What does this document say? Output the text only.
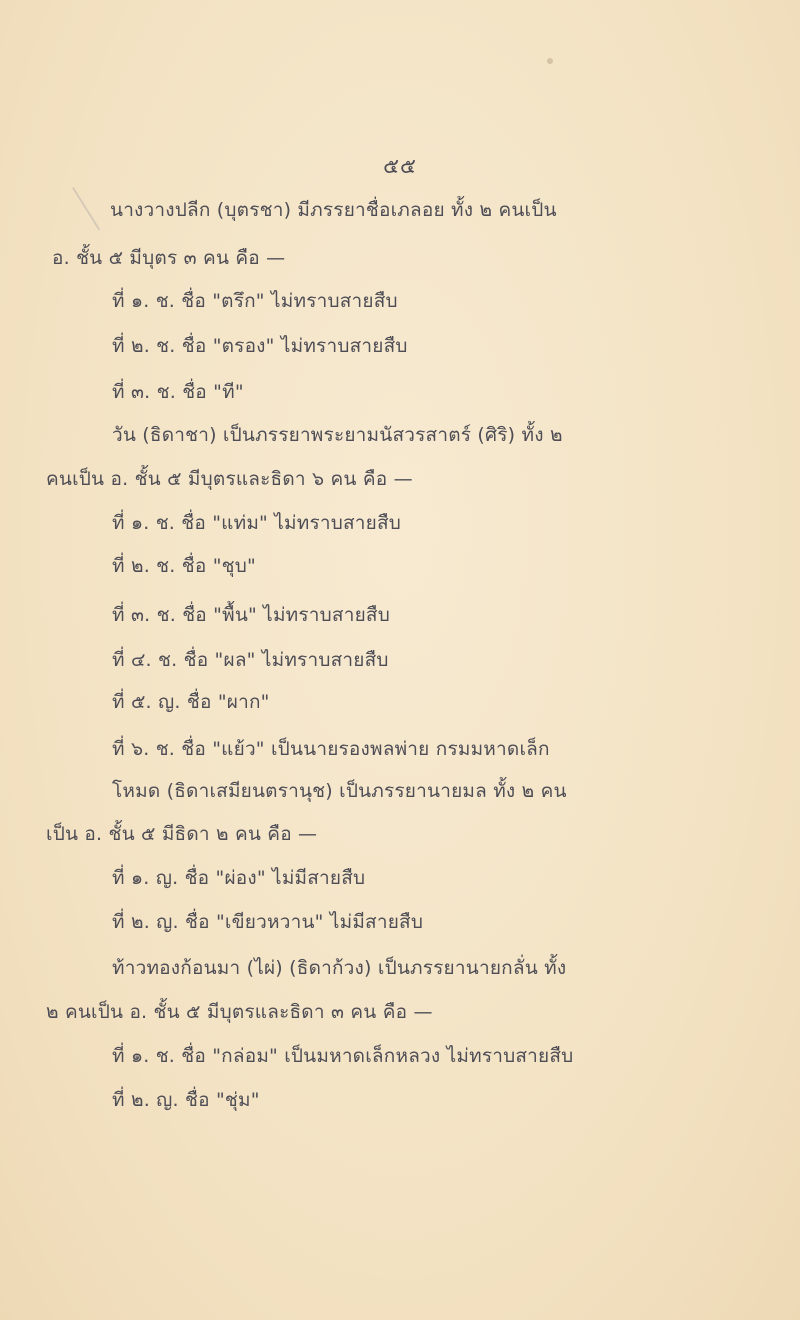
๕๕
นางวางปลีก (บุตรชา) มีภรรยาชื่อเภลอย ทั้ง ๒ คนเป็น
อ. ชั้น ๕ มีบุตร ๓ คน คือ —
ที่ ๑. ช. ชื่อ "ตรึก" ไม่ทราบสายสืบ
ที่ ๒. ช. ชื่อ "ตรอง" ไม่ทราบสายสืบ
ที่ ๓. ช. ชื่อ "ที"
วัน (ธิดาชา) เป็นภรรยาพระยามนัสวรสาตร์ (ศิริ) ทั้ง ๒
คนเป็น อ. ชั้น ๕ มีบุตรและธิดา ๖ คน คือ —
ที่ ๑. ช. ชื่อ "แท่ม" ไม่ทราบสายสืบ
ที่ ๒. ช. ชื่อ "ชุบ"
ที่ ๓. ช. ชื่อ "พื้น" ไม่ทราบสายสืบ
ที่ ๔. ช. ชื่อ "ผล" ไม่ทราบสายสืบ
ที่ ๕. ญ. ชื่อ "ผาก"
ที่ ๖. ช. ชื่อ "แย้ว" เป็นนายรองพลพ่าย กรมมหาดเล็ก
โหมด (ธิดาเสมียนตรานุช) เป็นภรรยานายมล ทั้ง ๒ คน
เป็น อ. ชั้น ๕ มีธิดา ๒ คน คือ —
ที่ ๑. ญ. ชื่อ "ผ่อง" ไม่มีสายสืบ
ที่ ๒. ญ. ชื่อ "เขียวหวาน" ไม่มีสายสืบ
ท้าวทองก้อนมา (ไผ่) (ธิดาก้วง) เป็นภรรยานายกลั่น ทั้ง
๒ คนเป็น อ. ชั้น ๕ มีบุตรและธิดา ๓ คน คือ —
ที่ ๑. ช. ชื่อ "กล่อม" เป็นมหาดเล็กหลวง ไม่ทราบสายสืบ
ที่ ๒. ญ. ชื่อ "ชุ่ม"
